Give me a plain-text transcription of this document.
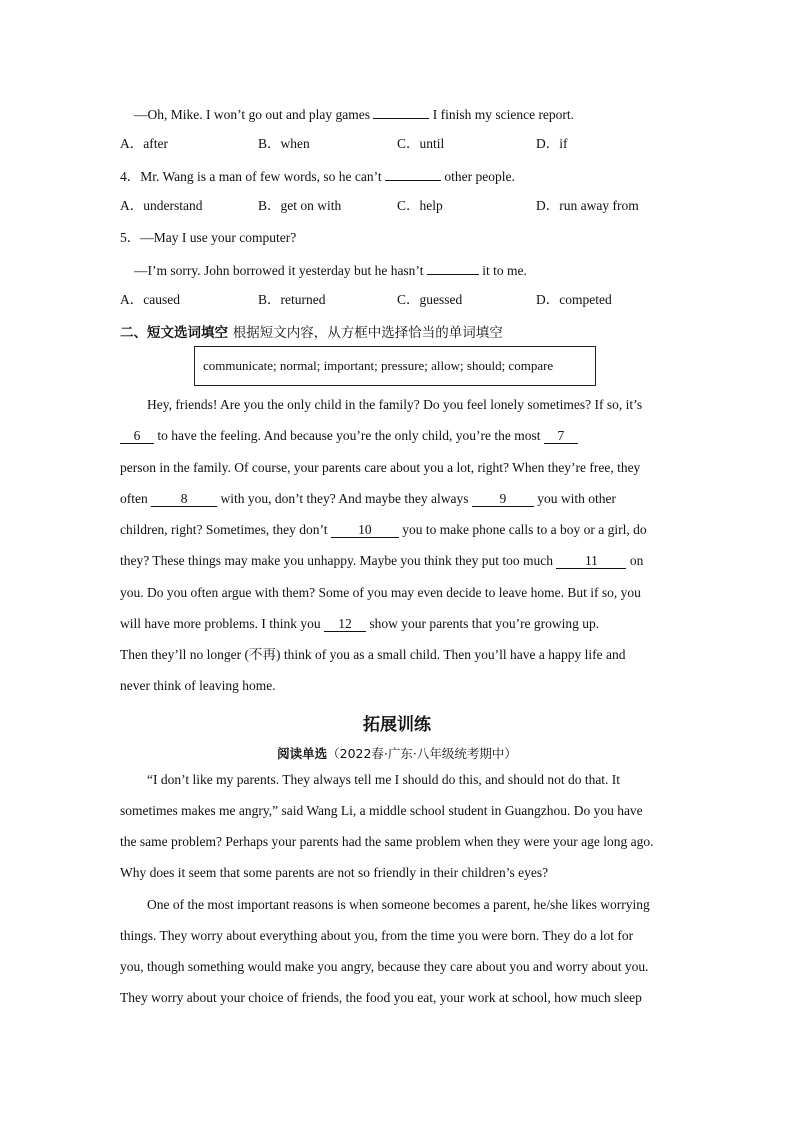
—Oh, Mike. I won’t go out and play games	I finish my science report.
A．after	B．when	C．until	D．if
4．Mr. Wang is a man of few words, so he can’t	other people.
A．understand	B．get on with	C．help	D．run away from
5．—May I use your computer?
—I’m sorry. John borrowed it yesterday but he hasn’t	it to me.
A．caused	B．returned	C．guessed	D．competed
二、短文选词填空 根据短文内容，从方框中选择恰当的单词填空
communicate; normal; important; pressure; allow; should; compare
Hey, friends! Are you the only child in the family? Do you feel lonely sometimes? If so, it’s
6 to have the feeling. And because you’re the only child, you’re the most 7
person in the family. Of course, your parents care about you a lot, right? When they’re free, they
often 8 with you, don’t they? And maybe they always 9 you with other
children, right? Sometimes, they don’t 10 you to make phone calls to a boy or a girl, do
they? These things may make you unhappy. Maybe you think they put too much 11 on
you. Do you often argue with them? Some of you may even decide to leave home. But if so, you
will have more problems. I think you 12 show your parents that you’re growing up.
Then they’ll no longer (不再) think of you as a small child. Then you’ll have a happy life and
never think of leaving home.
拓展训练
阅读单选（2022春·广东·八年级统考期中）
“I don’t like my parents. They always tell me I should do this, and should not do that. It
sometimes makes me angry,” said Wang Li, a middle school student in Guangzhou. Do you have
the same problem? Perhaps your parents had the same problem when they were your age long ago.
Why does it seem that some parents are not so friendly in their children’s eyes?
One of the most important reasons is when someone becomes a parent, he/she likes worrying
things. They worry about everything about you, from the time you were born. They do a lot for
you, though something would make you angry, because they care about you and worry about you.
They worry about your choice of friends, the food you eat, your work at school, how much sleep
